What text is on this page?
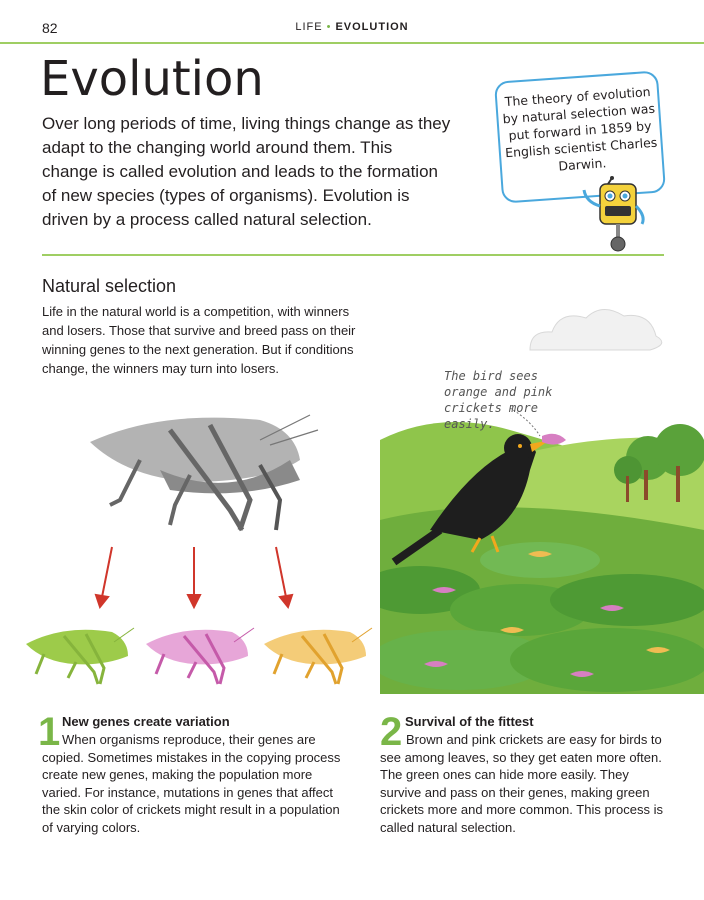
82	LIFE • EVOLUTION
Evolution
Over long periods of time, living things change as they adapt to the changing world around them. This change is called evolution and leads to the formation of new species (types of organisms). Evolution is driven by a process called natural selection.
The theory of evolution by natural selection was put forward in 1859 by English scientist Charles Darwin.
Natural selection
Life in the natural world is a competition, with winners and losers. Those that survive and breed pass on their winning genes to the next generation. But if conditions change, the winners may turn into losers.	The bird sees orange and pink crickets more easily.
1 New genes create variation
When organisms reproduce, their genes are copied. Sometimes mistakes in the copying process create new genes, making the population more varied. For instance, mutations in genes that affect the skin color of crickets might result in a population of varying colors.
2 Survival of the fittest
Brown and pink crickets are easy for birds to see among leaves, so they get eaten more often. The green ones can hide more easily. They survive and pass on their genes, making green crickets more and more common. This process is called natural selection.
